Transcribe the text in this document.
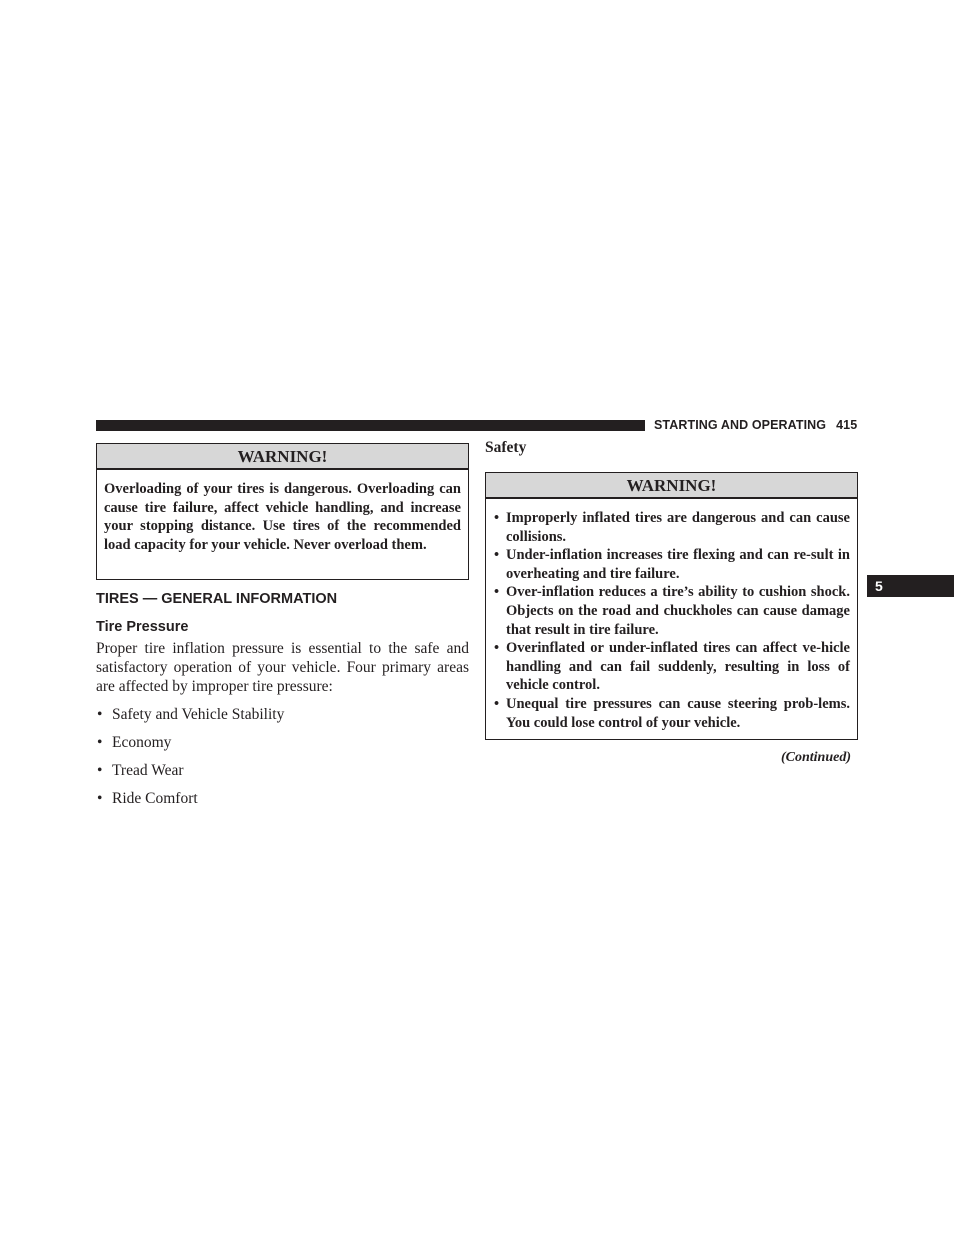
STARTING AND OPERATING 415
5
WARNING!
Overloading of your tires is dangerous. Overloading can cause tire failure, affect vehicle handling, and increase your stopping distance. Use tires of the recommended load capacity for your vehicle. Never overload them.
TIRES — GENERAL INFORMATION
Tire Pressure
Proper tire inflation pressure is essential to the safe and satisfactory operation of your vehicle. Four primary areas are affected by improper tire pressure:
• Safety and Vehicle Stability
• Economy
• Tread Wear
• Ride Comfort
Safety
WARNING!
• Improperly inflated tires are dangerous and can cause collisions.
• Under-inflation increases tire flexing and can re-sult in overheating and tire failure.
• Over-inflation reduces a tire’s ability to cushion shock. Objects on the road and chuckholes can cause damage that result in tire failure.
• Overinflated or under-inflated tires can affect ve-hicle handling and can fail suddenly, resulting in loss of vehicle control.
• Unequal tire pressures can cause steering prob-lems. You could lose control of your vehicle.
(Continued)
